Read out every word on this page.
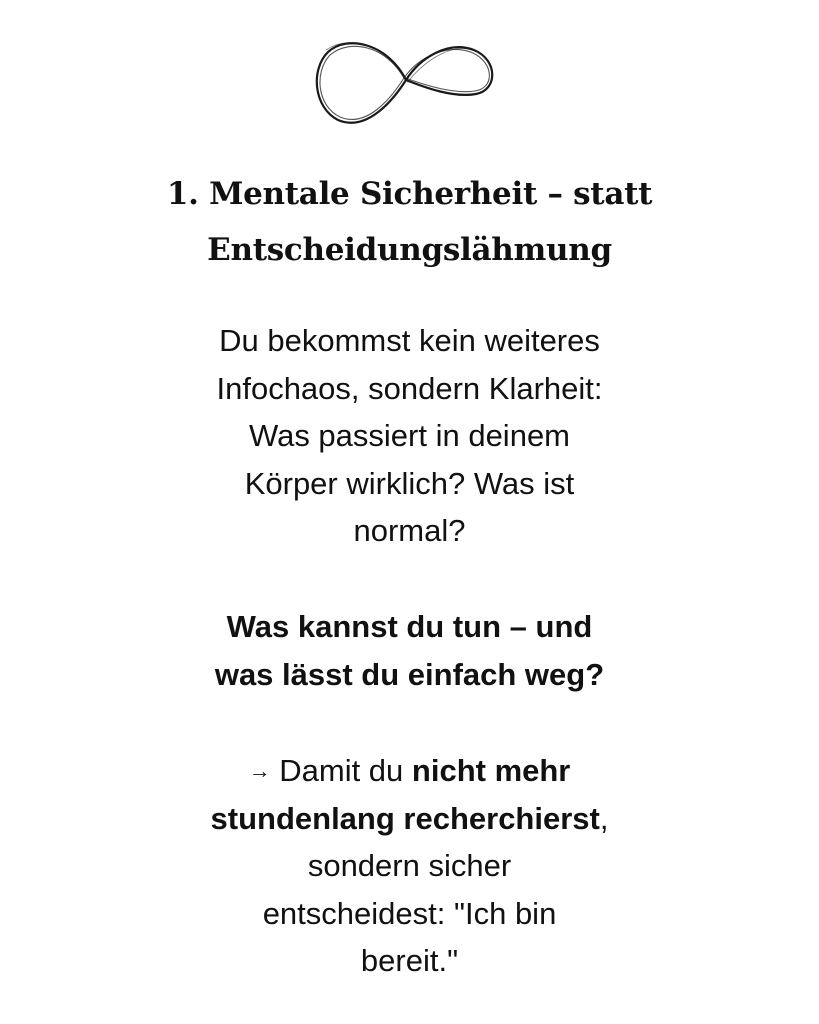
1. Mentale Sicherheit – statt
Entscheidungslähmung
Du bekommst kein weiteres
Infochaos, sondern Klarheit:
Was passiert in deinem
Körper wirklich? Was ist
normal?
Was kannst du tun – und
was lässt du einfach weg?
→ Damit du nicht mehr
stundenlang recherchierst,
sondern sicher
entscheidest: "Ich bin
bereit."
